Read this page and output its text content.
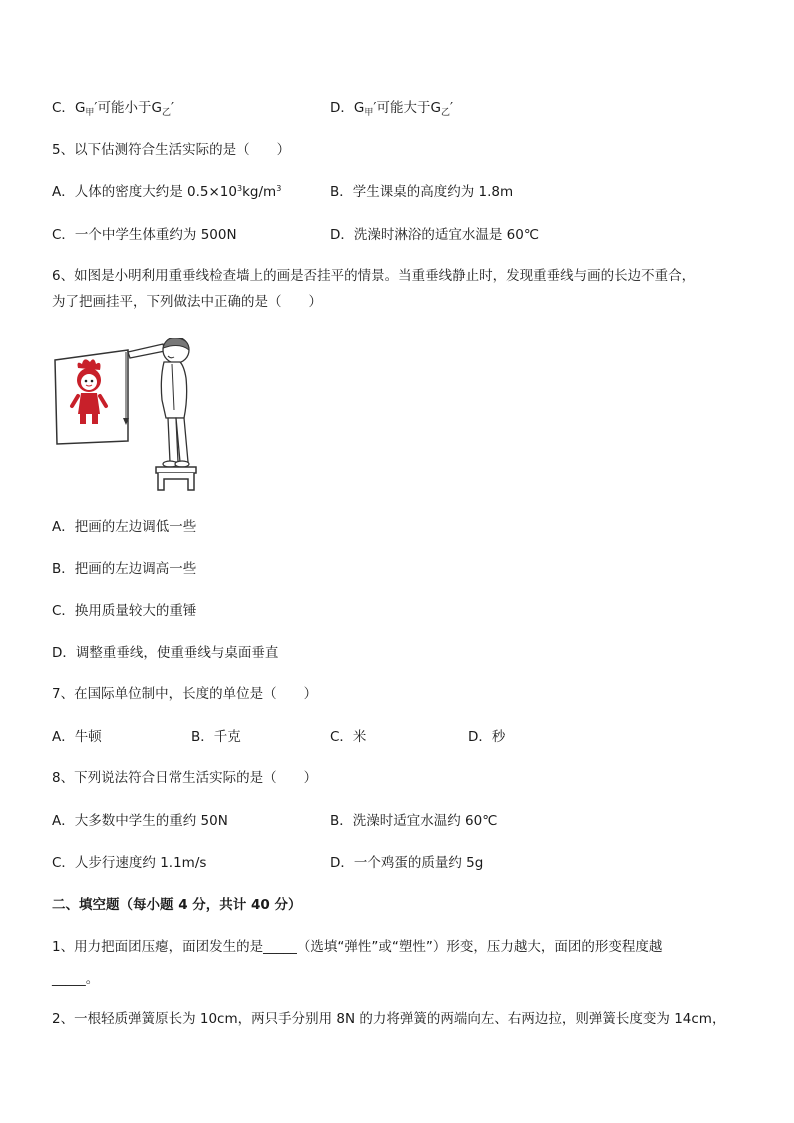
C．$G_甲'$可能小于$G_乙'$	D．$G_甲'$可能大于$G_乙'$
5、以下估测符合生活实际的是（　　）
A．人体的密度大约是 $0.5\times 10^3kg/m^3$	B．学生课桌的高度约为 1.8m
C．一个中学生体重约为 500N	D．洗澡时淋浴的适宜水温是 60℃
6、如图是小明利用重垂线检查墙上的画是否挂平的情景。当重垂线静止时，发现重垂线与画的长边不重合，
为了把画挂平，下列做法中正确的是（　　）
A．把画的左边调低一些
B．把画的左边调高一些
C．换用质量较大的重锤
D．调整重垂线，使重垂线与桌面垂直
7、在国际单位制中，长度的单位是（　　）
A．牛顿	B．千克	C．米	D．秒
8、下列说法符合日常生活实际的是（　　）
A．大多数中学生的重约 50N	B．洗澡时适宜水温约 60℃
C．人步行速度约 1.1m/s	D．一个鸡蛋的质量约 5g
二、填空题（每小题 4 分，共计 40 分）
1、用力把面团压瘪，面团发生的是_____（选填“弹性”或“塑性”）形变，压力越大，面团的形变程度越
_____。
2、一根轻质弹簧原长为 10cm，两只手分别用 8N 的力将弹簧的两端向左、右两边拉，则弹簧长度变为 14cm，
